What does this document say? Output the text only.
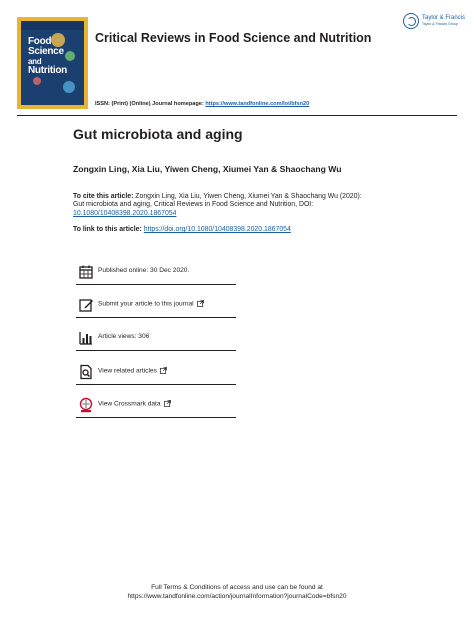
Food
Science
and
Nutrition
Critical Reviews in Food Science and Nutrition
Taylor & Francis
Taylor & Francis Group
ISSN: (Print) (Online) Journal homepage: https://www.tandfonline.com/loi/bfsn20
Gut microbiota and aging
Zongxin Ling, Xia Liu, Yiwen Cheng, Xiumei Yan & Shaochang Wu
To cite this article: Zongxin Ling, Xia Liu, Yiwen Cheng, Xiumei Yan & Shaochang Wu (2020): Gut microbiota and aging, Critical Reviews in Food Science and Nutrition, DOI: 10.1080/10408398.2020.1867054
To link to this article: https://doi.org/10.1080/10408398.2020.1867054
Published online: 30 Dec 2020.
Submit your article to this journal
Article views: 306
View related articles
View Crossmark data
Full Terms & Conditions of access and use can be found at
https://www.tandfonline.com/action/journalInformation?journalCode=bfsn20
